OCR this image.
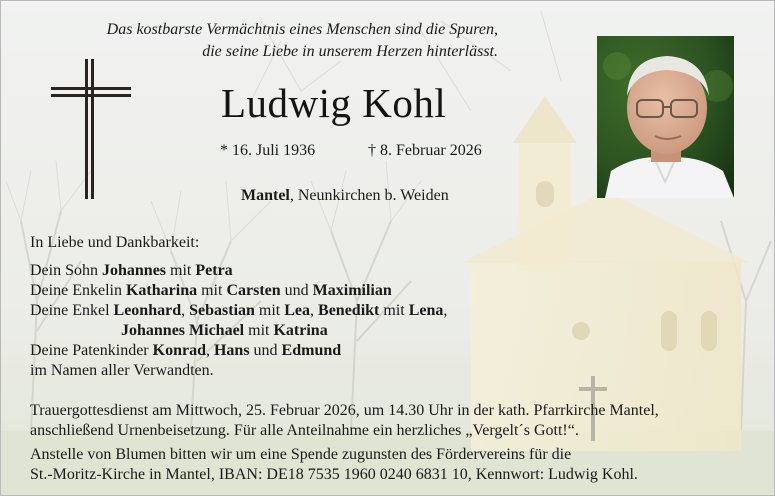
Das kostbarste Vermächtnis eines Menschen sind die Spuren,
die seine Liebe in unserem Herzen hinterlässt.
Ludwig Kohl
* 16. Juli 1936	† 8. Februar 2026
Mantel, Neunkirchen b. Weiden
In Liebe und Dankbarkeit:
Dein Sohn Johannes mit Petra
Deine Enkelin Katharina mit Carsten und Maximilian
Deine Enkel Leonhard, Sebastian mit Lea, Benedikt mit Lena,
Johannes Michael mit Katrina
Deine Patenkinder Konrad, Hans und Edmund
im Namen aller Verwandten.
Trauergottesdienst am Mittwoch, 25. Februar 2026, um 14.30 Uhr in der kath. Pfarrkirche Mantel,
anschließend Urnenbeisetzung. Für alle Anteilnahme ein herzliches „Vergelt´s Gott!“.
Anstelle von Blumen bitten wir um eine Spende zugunsten des Fördervereins für die
St.-Moritz-Kirche in Mantel, IBAN: DE18 7535 1960 0240 6831 10, Kennwort: Ludwig Kohl.
